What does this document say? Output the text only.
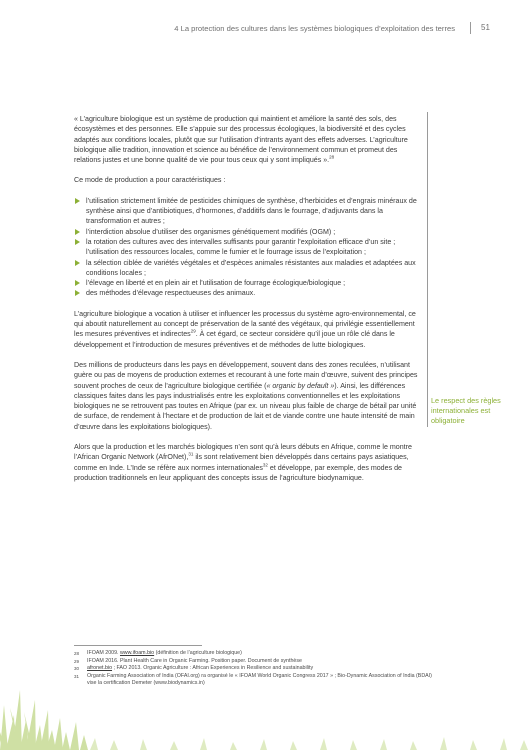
4 La protection des cultures dans les systèmes biologiques d’exploitation des terres	51
Le respect des règles internationales est obligatoire

« L’agriculture biologique est un système de production qui maintient et améliore la santé des sols, des écosystèmes et des personnes. Elle s’appuie sur des processus écologiques, la biodiversité et des cycles adaptés aux conditions locales, plutôt que sur l’utilisation d’intrants ayant des effets adverses. L’agriculture biologique allie tradition, innovation et science au bénéfice de l’environnement commun et promeut des relations justes et une bonne qualité de vie pour tous ceux qui y sont impliqués ».$^{28}$

Ce mode de production a pour caractéristiques :

l’utilisation strictement limitée de pesticides chimiques de synthèse, d’herbicides et d’engrais minéraux de synthèse ainsi que d’antibiotiques, d’hormones, d’additifs dans le fourrage, d’adjuvants dans la transformation et autres ;
l’interdiction absolue d’utiliser des organismes génétiquement modifiés (OGM) ;
la rotation des cultures avec des intervalles suffisants pour garantir l’exploitation efficace d’un site ; l’utilisation des ressources locales, comme le fumier et le fourrage issus de l’exploitation ;
la sélection ciblée de variétés végétales et d’espèces animales résistantes aux maladies et adaptées aux conditions locales ;
l’élevage en liberté et en plein air et l’utilisation de fourrage écologique/biologique ;
des méthodes d’élevage respectueuses des animaux.

L’agriculture biologique a vocation à utiliser et influencer les processus du système agro-environnemental, ce qui aboutit naturellement au concept de préservation de la santé des végétaux, qui privilégie essentiellement les mesures préventives et indirectes$^{29}$. À cet égard, ce secteur considère qu’il joue un rôle clé dans le développement et l’introduction de mesures préventives et de méthodes de lutte biologiques.

Des millions de producteurs dans les pays en développement, souvent dans des zones reculées, n’utilisant guère ou pas de moyens de production externes et recourant à une forte main d’œuvre, suivent des principes souvent proches de ceux de l’agriculture biologique certifiée (« organic by default »). Ainsi, les différences classiques faites dans les pays industrialisés entre les exploitations conventionnelles et les exploitations biologiques ne se retrouvent pas toutes en Afrique (par ex. un niveau plus faible de charge de bétail par unité de surface, de rendement à l’hectare et de production de lait et de viande contre une haute intensité de main d’œuvre dans les exploitations biologiques).

Alors que la production et les marchés biologiques n’en sont qu’à leurs débuts en Afrique, comme le montre l’African Organic Network (AfrONet),$^{31}$ ils sont relativement bien développés dans certains pays asiatiques, comme en Inde. L’Inde se réfère aux normes internationales$^{32}$ et développe, par exemple, des modes de production traditionnels en leur appliquant des concepts issus de l’agriculture biodynamique.

28 IFOAM 2009. www.ifoam.bio (définition de l’agriculture biologique)
29 IFOAM 2016. Plant Health Care in Organic Farming. Position paper. Document de synthèse
30 afronet.bio ; FAO 2013. Organic Agriculture : African Experiences in Resilience and sustainability
31 Organic Farming Association of India (OFAI.org) ra organisé le « IFOAM World Organic Congress 2017 » ; Bio-Dynamic Association of India (BDAI) vise la certification Demeter (www.biodynamics.in)
